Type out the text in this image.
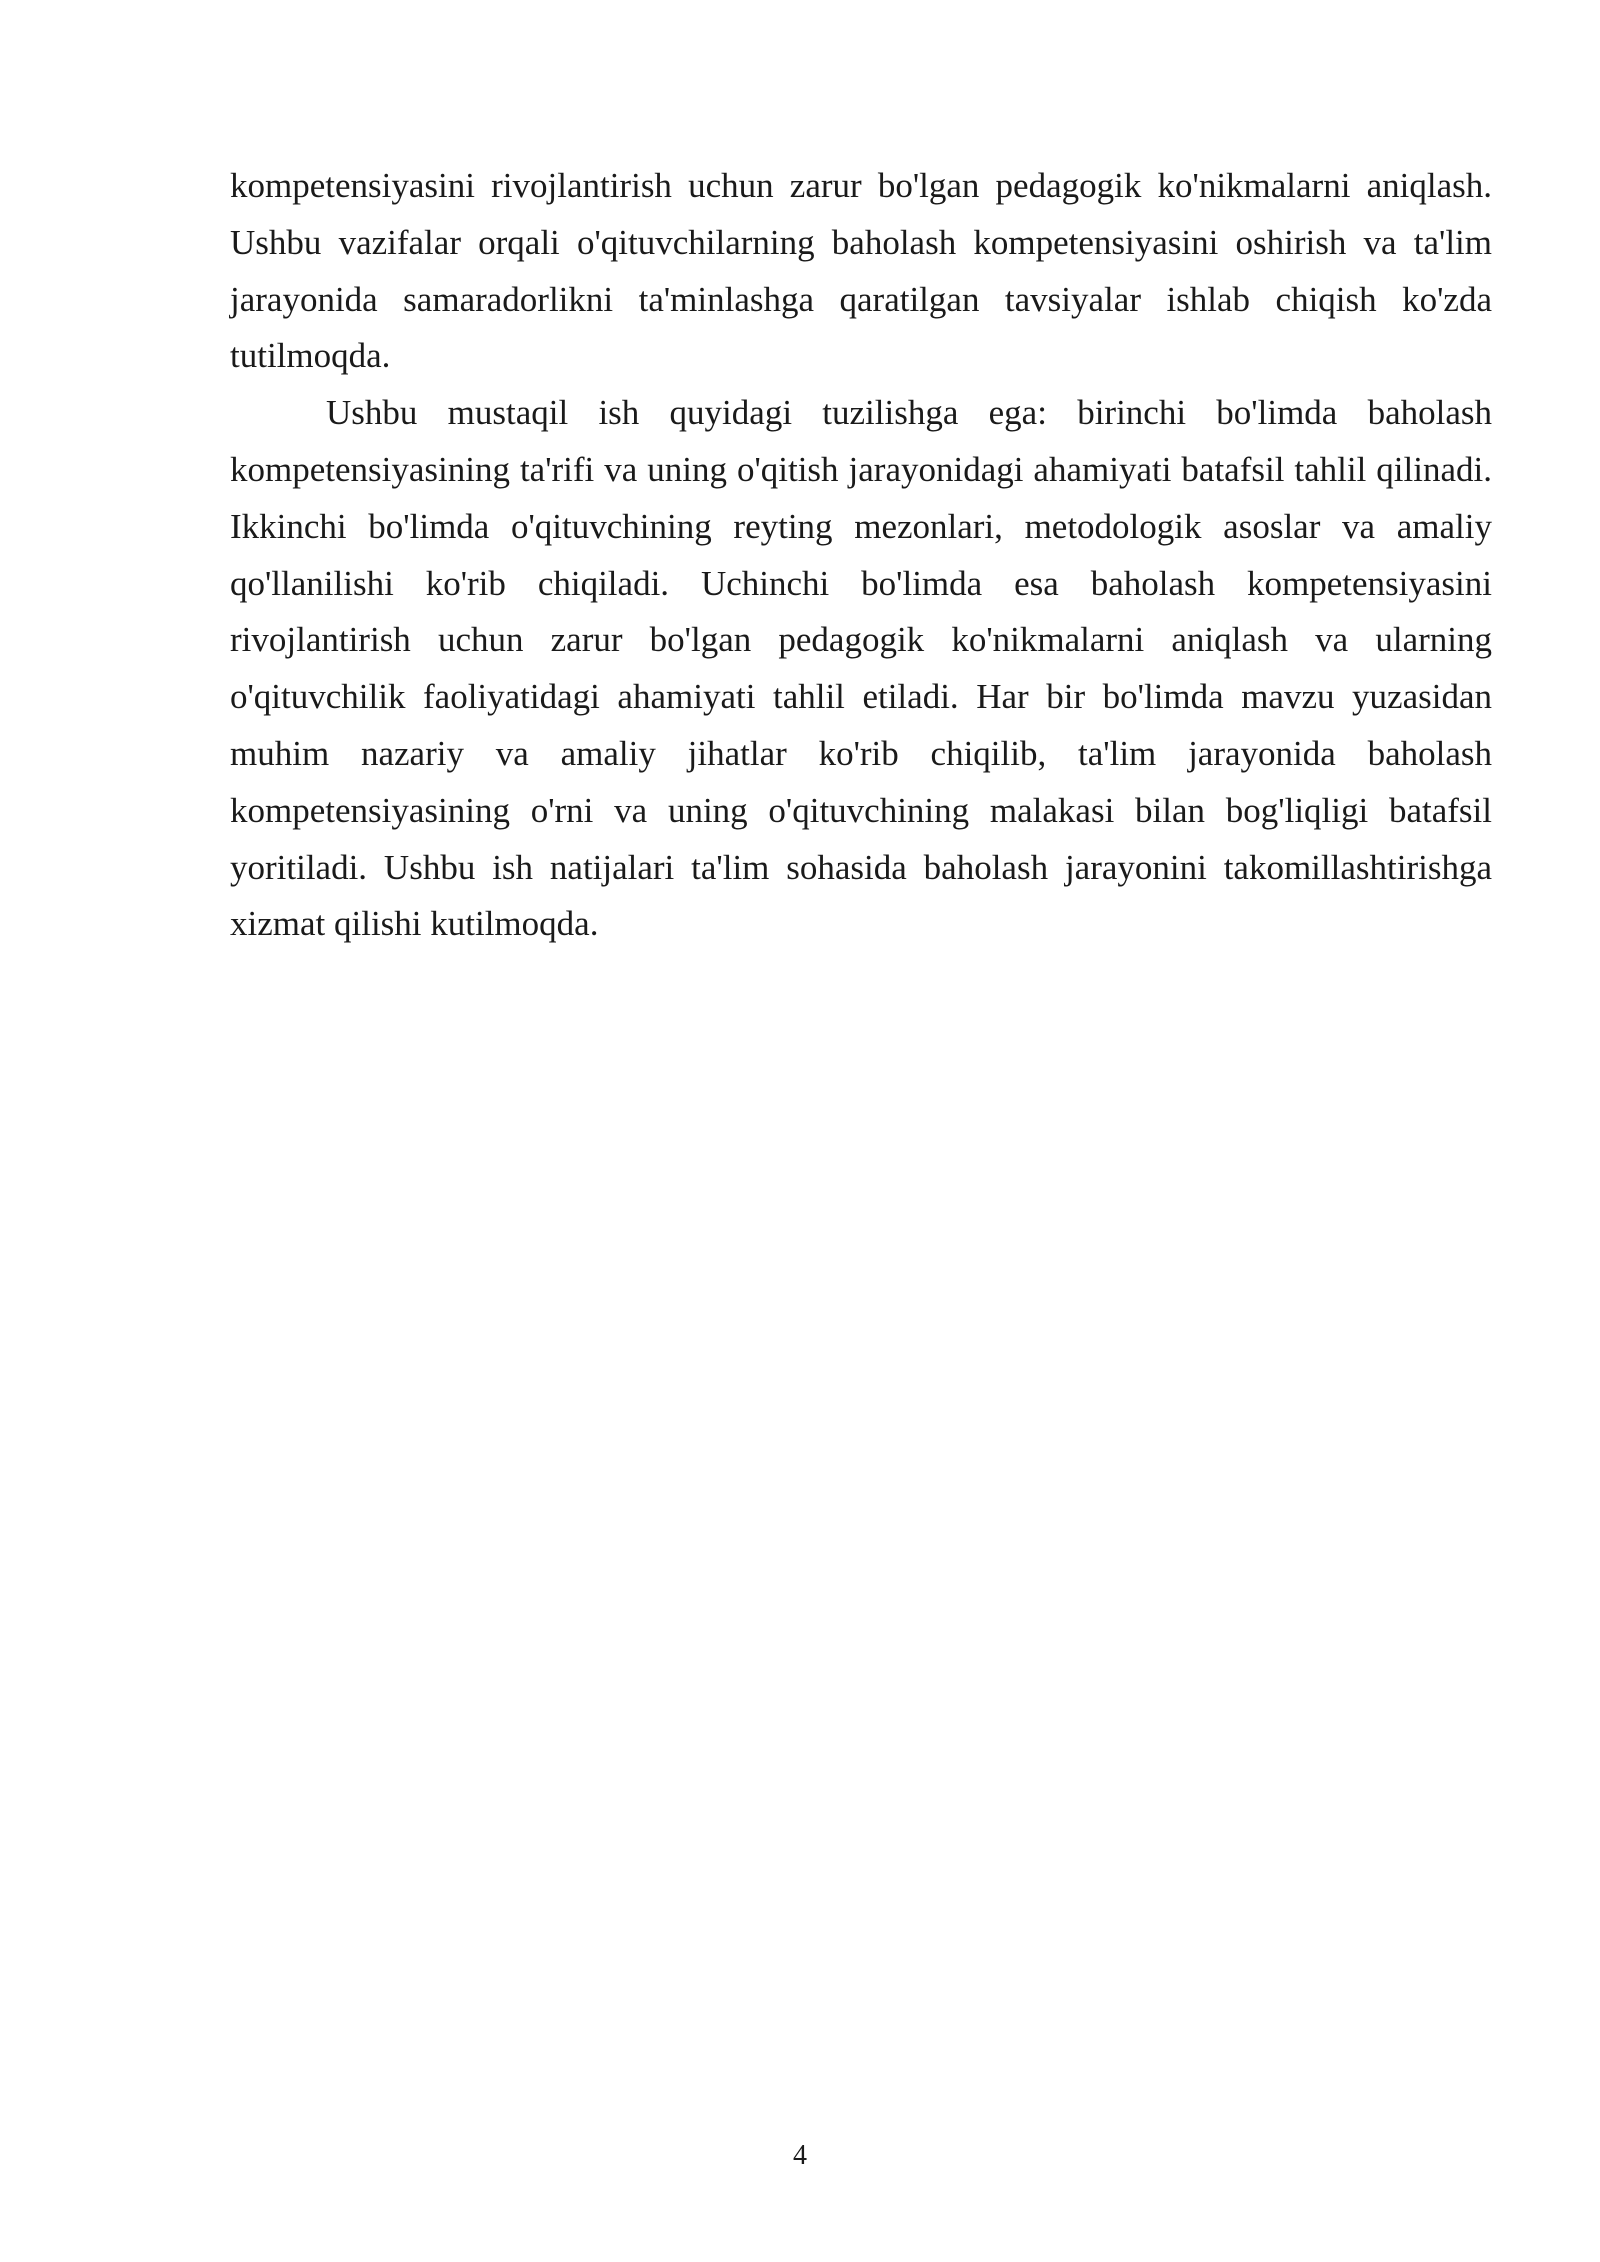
kompetensiyasini rivojlantirish uchun zarur bo'lgan pedagogik ko'nikmalarni aniqlash. Ushbu vazifalar orqali o'qituvchilarning baholash kompetensiyasini oshirish va ta'lim jarayonida samaradorlikni ta'minlashga qaratilgan tavsiyalar ishlab chiqish ko'zda tutilmoqda.

Ushbu mustaqil ish quyidagi tuzilishga ega: birinchi bo'limda baholash kompetensiyasining ta'rifi va uning o'qitish jarayonidagi ahamiyati batafsil tahlil qilinadi. Ikkinchi bo'limda o'qituvchining reyting mezonlari, metodologik asoslar va amaliy qo'llanilishi ko'rib chiqiladi. Uchinchi bo'limda esa baholash kompetensiyasini rivojlantirish uchun zarur bo'lgan pedagogik ko'nikmalarni aniqlash va ularning o'qituvchilik faoliyatidagi ahamiyati tahlil etiladi. Har bir bo'limda mavzu yuzasidan muhim nazariy va amaliy jihatlar ko'rib chiqilib, ta'lim jarayonida baholash kompetensiyasining o'rni va uning o'qituvchining malakasi bilan bog'liqligi batafsil yoritiladi. Ushbu ish natijalari ta'lim sohasida baholash jarayonini takomillashtirishga xizmat qilishi kutilmoqda.

4
